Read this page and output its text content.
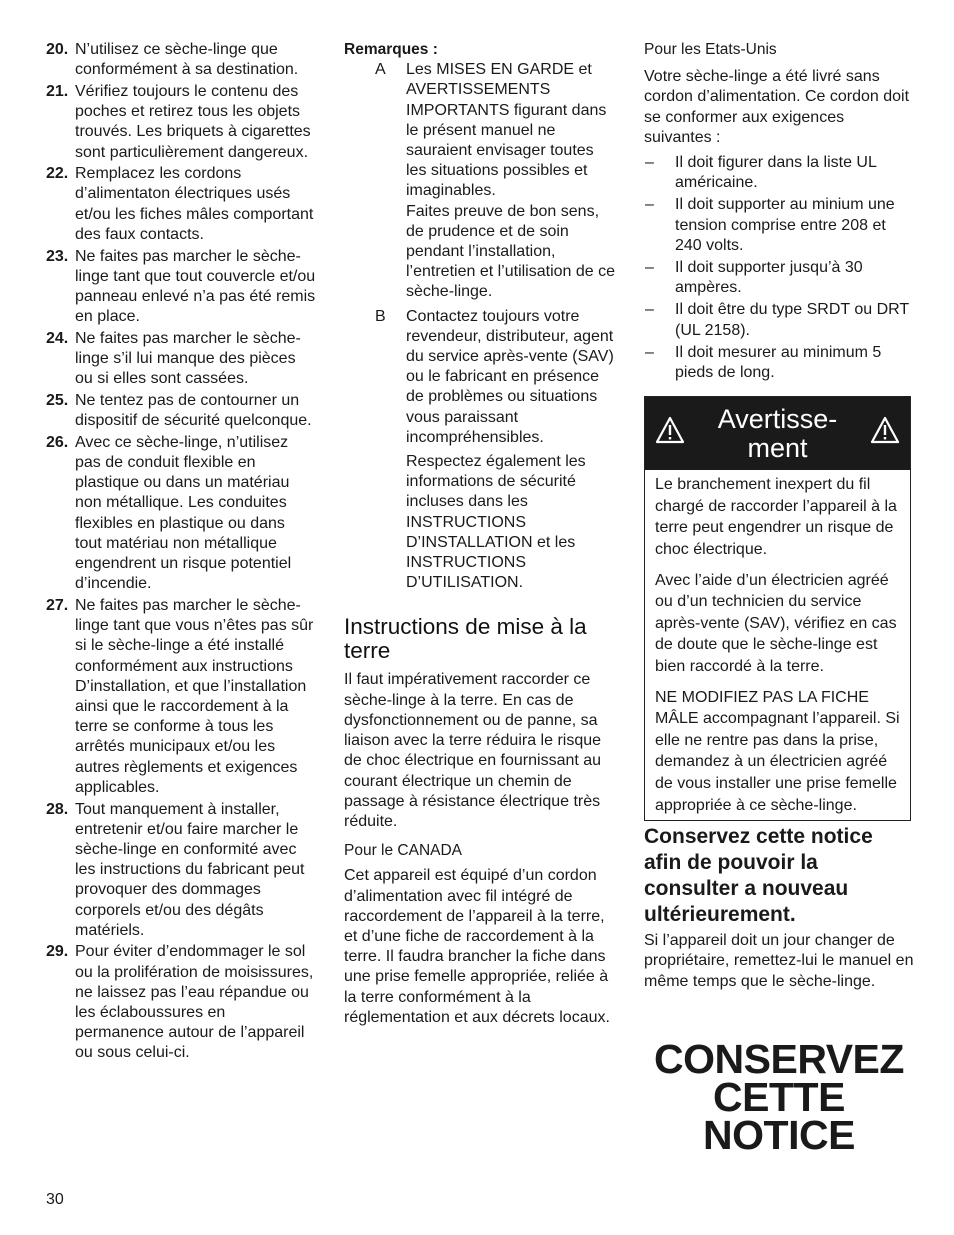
20. N’utilisez ce sèche-linge que conformément à sa destination.
21. Vérifiez toujours le contenu des poches et retirez tous les objets trouvés. Les briquets à cigarettes sont particulièrement dangereux.
22. Remplacez les cordons d’alimentaton électriques usés et/ou les fiches mâles comportant des faux contacts.
23. Ne faites pas marcher le sèche-linge tant que tout couvercle et/ou panneau enlevé n’a pas été remis en place.
24. Ne faites pas marcher le sèche-linge s’il lui manque des pièces ou si elles sont cassées.
25. Ne tentez pas de contourner un dispositif de sécurité quelconque.
26. Avec ce sèche-linge, n’utilisez pas de conduit flexible en plastique ou dans un matériau non métallique. Les conduites flexibles en plastique ou dans tout matériau non métallique engendrent un risque potentiel d’incendie.
27. Ne faites pas marcher le sèche-linge tant que vous n’êtes pas sûr si le sèche-linge a été installé conformément aux instructions D’installation, et que l’installation ainsi que le raccordement à la terre se conforme à tous les arrêtés municipaux et/ou les autres règlements et exigences applicables.
28. Tout manquement à installer, entretenir et/ou faire marcher le sèche-linge en conformité avec les instructions du fabricant peut provoquer des dommages corporels et/ou des dégâts matériels.
29. Pour éviter d’endommager le sol ou la prolifération de moisissures, ne laissez pas l’eau répandue ou les éclaboussures en permanence autour de l’appareil ou sous celui-ci.
Remarques :
A Les MISES EN GARDE et AVERTISSEMENTS IMPORTANTS figurant dans le présent manuel ne sauraient envisager toutes les situations possibles et imaginables.

Faites preuve de bon sens, de prudence et de soin pendant l’installation, l’entretien et l’utilisation de ce sèche-linge.

B Contactez toujours votre revendeur, distributeur, agent du service après-vente (SAV) ou le fabricant en présence de problèmes ou situations vous paraissant incompréhensibles.

Respectez également les informations de sécurité incluses dans les INSTRUCTIONS D’INSTALLATION et les INSTRUCTIONS D’UTILISATION.

Instructions de mise à la terre

Il faut impérativement raccorder ce sèche-linge à la terre. En cas de dysfonctionnement ou de panne, sa liaison avec la terre réduira le risque de choc électrique en fournissant au courant électrique un chemin de passage à résistance électrique très réduite.

Pour le CANADA

Cet appareil est équipé d’un cordon d’alimentation avec fil intégré de raccordement de l’appareil à la terre, et d’une fiche de raccordement à la terre. Il faudra brancher la fiche dans une prise femelle appropriée, reliée à la terre conformément à la réglementation et aux décrets locaux.

Pour les Etats-Unis

Votre sèche-linge a été livré sans cordon d’alimentation. Ce cordon doit se conformer aux exigences suivantes :

– Il doit figurer dans la liste UL américaine.
– Il doit supporter au minium une tension comprise entre 208 et 240 volts.
– Il doit supporter jusqu’à 30 ampères.
– Il doit être du type SRDT ou DRT (UL 2158).
– Il doit mesurer au minimum 5 pieds de long.
Avertisse-
ment

Le branchement inexpert du fil chargé de raccorder l’appareil à la terre peut engendrer un risque de choc électrique.

Avec l’aide d’un électricien agréé ou d’un technicien du service après-vente (SAV), vérifiez en cas de doute que le sèche-linge est bien raccordé à la terre.

NE MODIFIEZ PAS LA FICHE MÂLE accompagnant l’appareil. Si elle ne rentre pas dans la prise, demandez à un électricien agréé de vous installer une prise femelle appropriée à ce sèche-linge.

Conservez cette notice afin de pouvoir la consulter a nouveau ultérieurement.

Si l’appareil doit un jour changer de propriétaire, remettez-lui le manuel en même temps que le sèche-linge.

CONSERVEZ
CETTE
NOTICE
30
